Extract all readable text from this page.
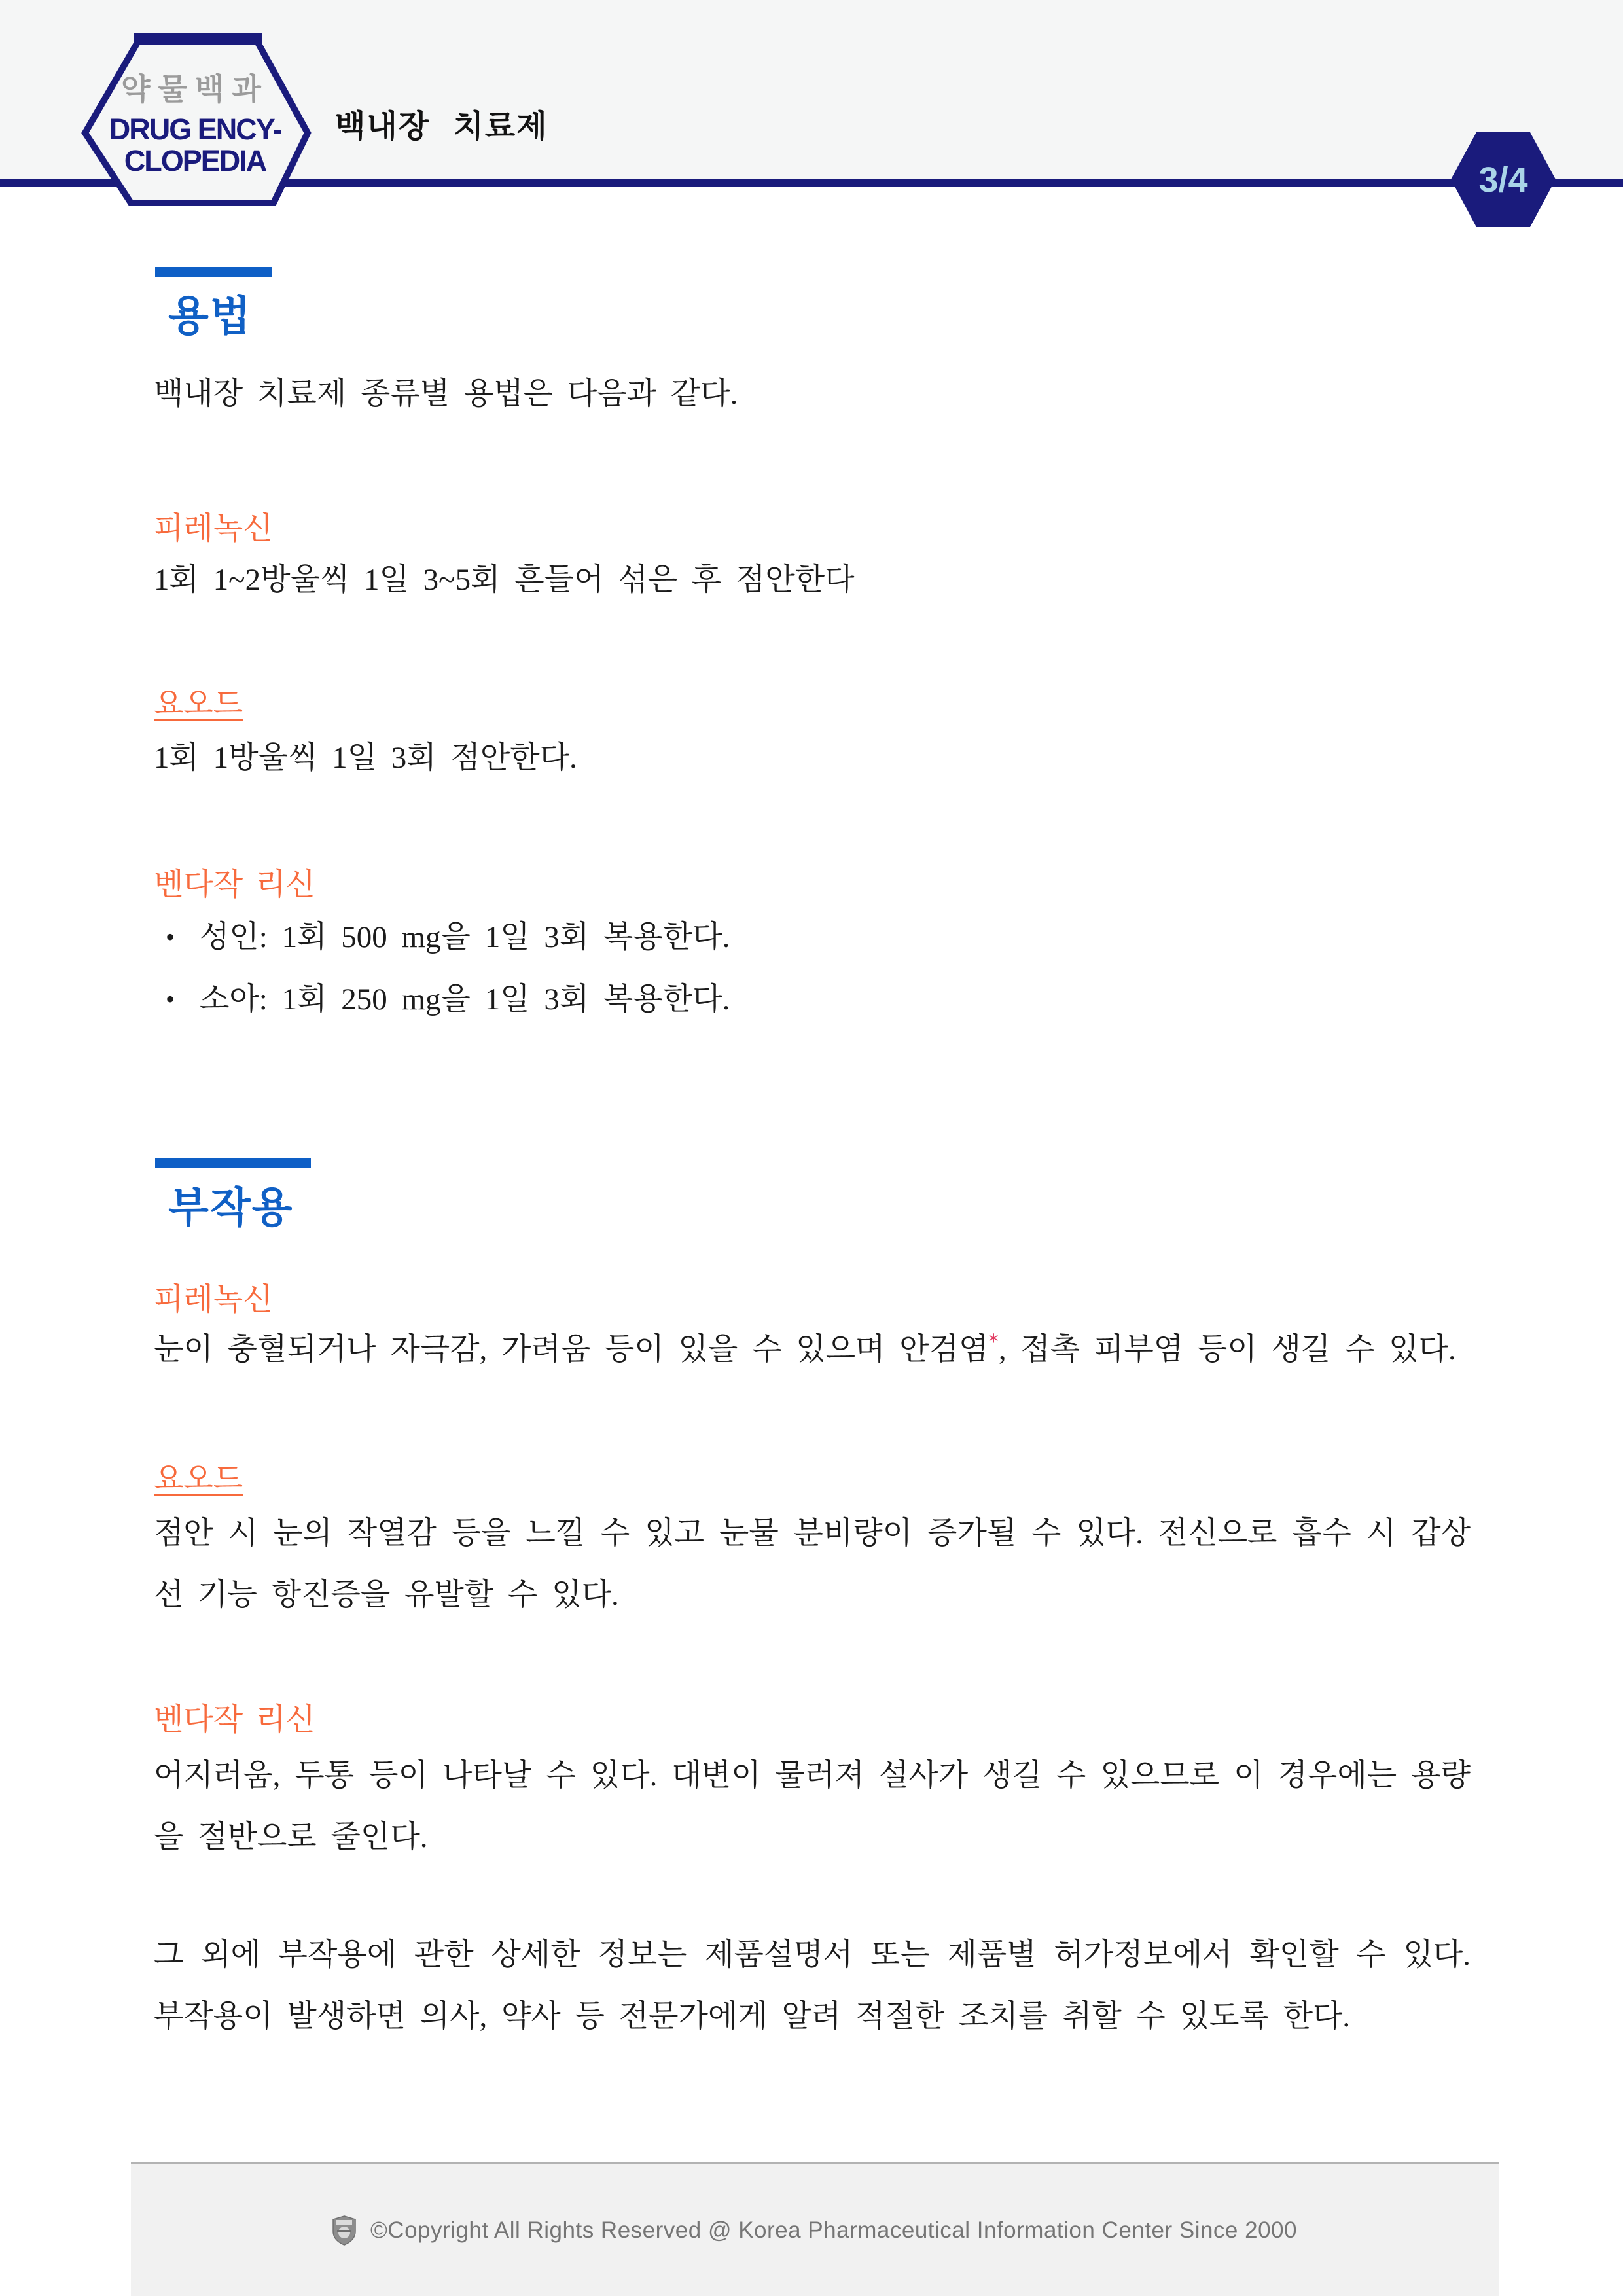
약물백과
DRUG ENCY-
CLOPEDIA
백내장 치료제
3/4
용법
백내장 치료제 종류별 용법은 다음과 같다.
피레녹신
1회 1~2방울씩 1일 3~5회 흔들어 섞은 후 점안한다
요오드
1회 1방울씩 1일 3회 점안한다.
벤다작 리신
• 성인: 1회 500 mg을 1일 3회 복용한다.
• 소아: 1회 250 mg을 1일 3회 복용한다.
부작용
피레녹신
눈이 충혈되거나 자극감, 가려움 등이 있을 수 있으며 안검염*, 접촉 피부염 등이 생길 수 있다.
요오드
점안 시 눈의 작열감 등을 느낄 수 있고 눈물 분비량이 증가될 수 있다. 전신으로 흡수 시 갑상선 기능 항진증을 유발할 수 있다.
벤다작 리신
어지러움, 두통 등이 나타날 수 있다. 대변이 물러져 설사가 생길 수 있으므로 이 경우에는 용량을 절반으로 줄인다.
그 외에 부작용에 관한 상세한 정보는 제품설명서 또는 제품별 허가정보에서 확인할 수 있다. 부작용이 발생하면 의사, 약사 등 전문가에게 알려 적절한 조치를 취할 수 있도록 한다.
©Copyright All Rights Reserved @ Korea Pharmaceutical Information Center Since 2000
